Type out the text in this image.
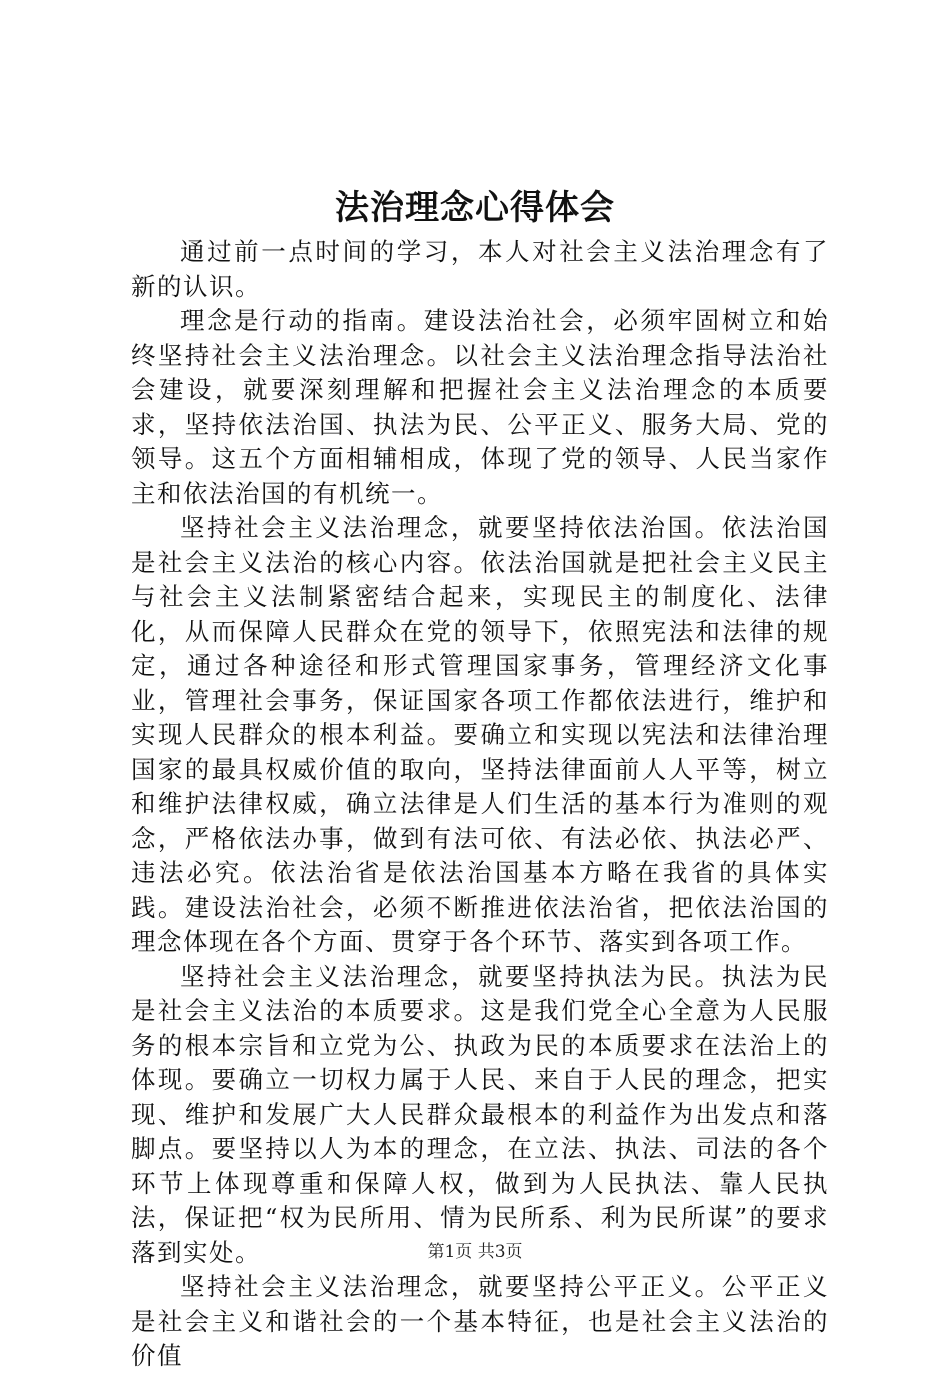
法治理念心得体会

通过前一点时间的学习，本人对社会主义法治理念有了新的认识。

理念是行动的指南。建设法治社会，必须牢固树立和始终坚持社会主义法治理念。以社会主义法治理念指导法治社会建设，就要深刻理解和把握社会主义法治理念的本质要求，坚持依法治国、执法为民、公平正义、服务大局、党的领导。这五个方面相辅相成，体现了党的领导、人民当家作主和依法治国的有机统一。

坚持社会主义法治理念，就要坚持依法治国。依法治国是社会主义法治的核心内容。依法治国就是把社会主义民主与社会主义法制紧密结合起来，实现民主的制度化、法律化，从而保障人民群众在党的领导下，依照宪法和法律的规定，通过各种途径和形式管理国家事务，管理经济文化事业，管理社会事务，保证国家各项工作都依法进行，维护和实现人民群众的根本利益。要确立和实现以宪法和法律治理国家的最具权威价值的取向，坚持法律面前人人平等，树立和维护法律权威，确立法律是人们生活的基本行为准则的观念，严格依法办事，做到有法可依、有法必依、执法必严、违法必究。依法治省是依法治国基本方略在我省的具体实践。建设法治社会，必须不断推进依法治省，把依法治国的理念体现在各个方面、贯穿于各个环节、落实到各项工作。

坚持社会主义法治理念，就要坚持执法为民。执法为民是社会主义法治的本质要求。这是我们党全心全意为人民服务的根本宗旨和立党为公、执政为民的本质要求在法治上的体现。要确立一切权力属于人民、来自于人民的理念，把实现、维护和发展广大人民群众最根本的利益作为出发点和落脚点。要坚持以人为本的理念，在立法、执法、司法的各个环节上体现尊重和保障人权，做到为人民执法、靠人民执法，保证把“权为民所用、情为民所系、利为民所谋”的要求落到实处。

坚持社会主义法治理念，就要坚持公平正义。公平正义是社会主义和谐社会的一个基本特征，也是社会主义法治的价值

第1页 共3页
